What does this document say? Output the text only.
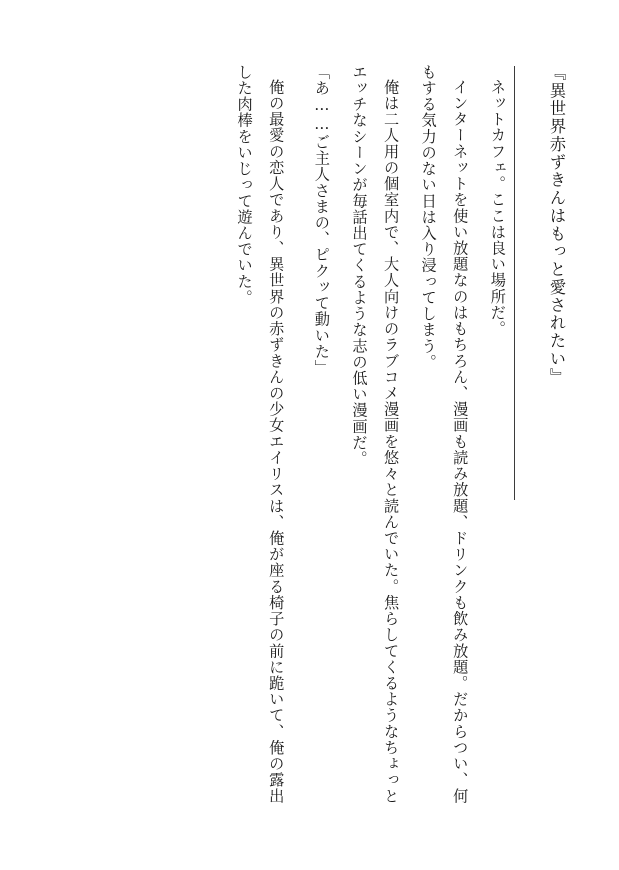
『異世界赤ずきんはもっと愛されたい』
ネットカフェ。ここは良い場所だ。
インターネットを使い放題なのはもちろん、漫画も読み放題、ドリンクも飲み放題。だからつい、何もする気力のない日は入り浸ってしまう。
俺は二人用の個室内で、大人向けのラブコメ漫画を悠々と読んでいた。焦らしてくるようなちょっとエッチなシーンが毎話出てくるような志の低い漫画だ。
「あ……ご主人さまの、ピクッて動いた」
俺の最愛の恋人であり、異世界の赤ずきんの少女エイリスは、俺が座る椅子の前に跪いて、俺の露出した肉棒をいじって遊んでいた。
